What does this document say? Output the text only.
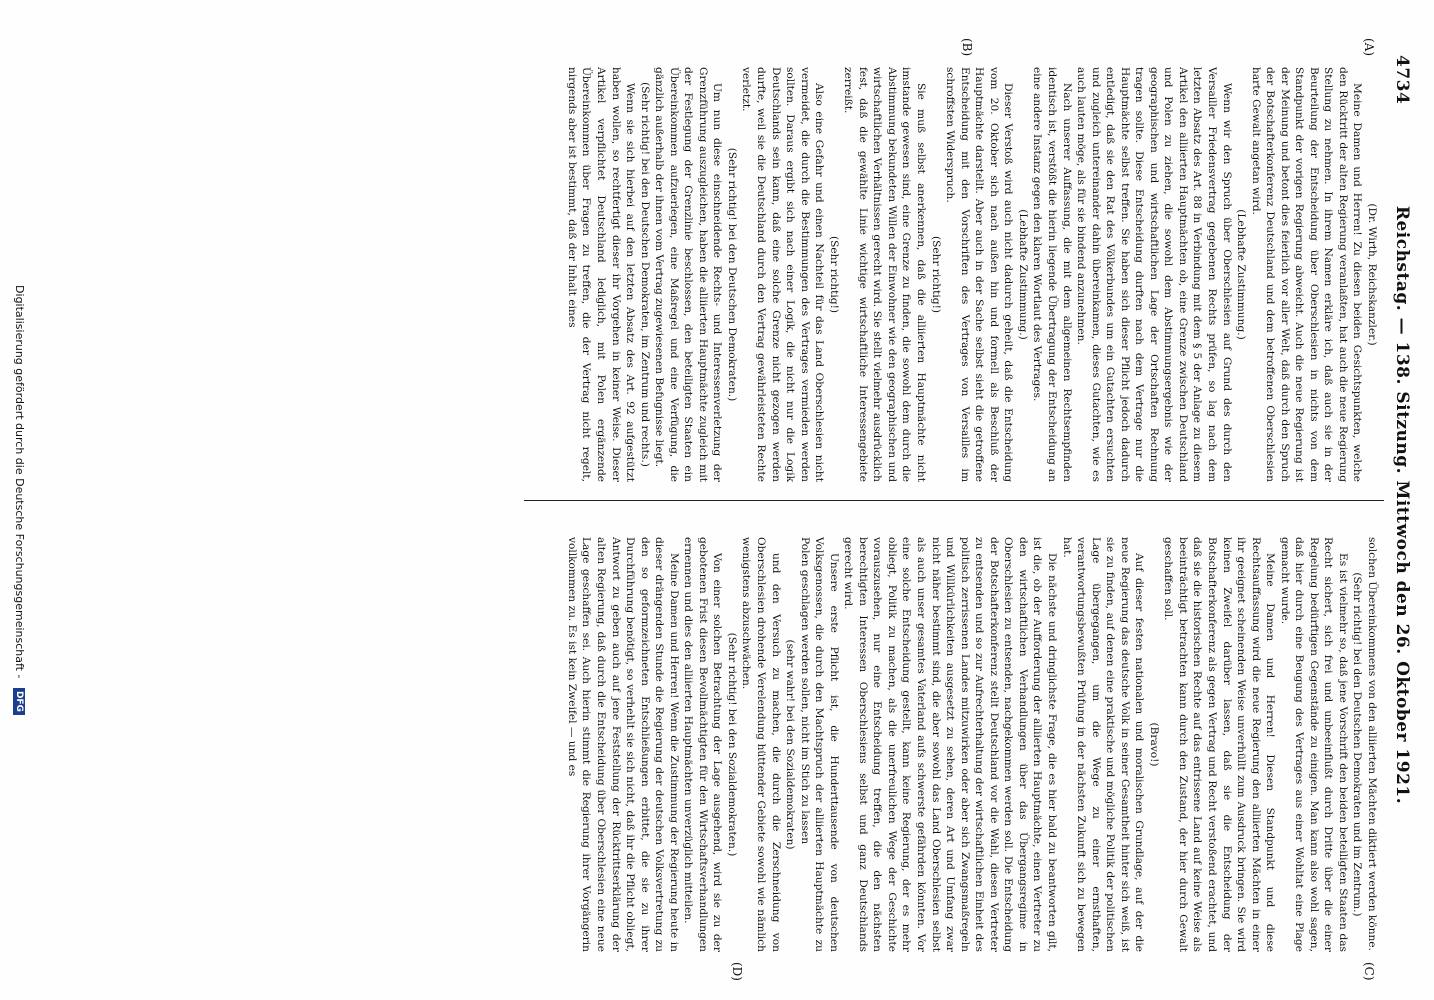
4734
Reichstag. — 138. Sitzung. Mittwoch den 26. Oktober 1921.
(A)
(B)
(C)
(D)

(Dr. Wirth, Reichskanzler.)

Meine Damen und Herren! Zu diesen beiden Gesichtspunkten, welche den Rücktritt der alten Regierung veranlaßten, hat auch die neue Regierung Stellung zu nehmen. In ihrem Namen erkläre ich, daß auch sie in der Beurteilung der Entscheidung über Oberschlesien in nichts von dem Standpunkt der vorigen Regierung abweicht. Auch die neue Regierung ist der Meinung und betont dies feierlich vor aller Welt, daß durch den Spruch der Botschafterkonferenz Deutschland und dem betroffenen Oberschlesien harte Gewalt angetan wird.

(Lebhafte Zustimmung.)

Wenn wir den Spruch über Oberschlesien auf Grund des durch den Versailler Friedensvertrag gegebenen Rechts prüfen, so lag nach dem letzten Absatz des Art. 88 in Verbindung mit dem § 5 der Anlage zu diesem Artikel den alliierten Hauptmächten ob, eine Grenze zwischen Deutschland und Polen zu ziehen, die sowohl dem Abstimmungsergebnis wie der geographischen und wirtschaftlichen Lage der Ortschaften Rechnung tragen sollte. Diese Entscheidung durften nach dem Vertrage nur die Hauptmächte selbst treffen. Sie haben sich dieser Pflicht jedoch dadurch entledigt, daß sie den Rat des Völkerbundes um ein Gutachten ersuchten und zugleich untereinander dahin übereinkamen, dieses Gutachten, wie es auch lauten möge, als für sie bindend anzunehmen.

Nach unserer Auffassung, die mit dem allgemeinen Rechtsempfinden identisch ist, verstößt die hierin liegende Übertragung der Entscheidung an eine andere Instanz gegen den klaren Wortlaut des Vertrages.

(Lebhafte Zustimmung.)

Dieser Verstoß wird auch nicht dadurch geheilt, daß die Entscheidung vom 20. Oktober sich nach außen hin und formell als Beschluß der Hauptmächte darstellt. Aber auch in der Sache selbst sieht die getroffene Entscheidung mit den Vorschriften des Vertrages von Versailles im schroffsten Widerspruch.

(Sehr richtig!)

Sie muß selbst anerkennen, daß die alliierten Hauptmächte nicht imstande gewesen sind, eine Grenze zu finden, die sowohl dem durch die Abstimmung bekundeten Willen der Einwohner wie den geographischen und wirtschaftlichen Verhältnissen gerecht wird. Sie stellt vielmehr ausdrücklich fest, daß die gewählte Linie wichtige wirtschaftliche Interessengebiete zerreißt.

(Sehr richtig!)

Also eine Gefahr und einen Nachteil für das Land Oberschlesien nicht vermeidet, die durch die Bestimmungen des Vertrages vermieden werden sollten. Daraus ergibt sich nach einer Logik, die nicht nur die Logik Deutschlands sein kann, daß eine solche Grenze nicht gezogen werden durfte, weil sie die Deutschland durch den Vertrag gewährleisteten Rechte verletzt.

(Sehr richtig! bei den Deutschen Demokraten.)

Um nun diese einschneidende Rechts- und Interessenverletzung der Grenzführung auszugleichen, haben die alliierten Hauptmächte zugleich mit der Festlegung der Grenzlinie beschlossen, den beteiligten Staaten ein Übereinkommen aufzuerlegen, eine Maßregel und eine Verfügung, die gänzlich außerhalb der ihnen vom Vertrag zugewiesenen Befugnisse liegt.

(Sehr richtig! bei den Deutschen Demokraten, im Zentrum und rechts.)

Wenn sie sich hierbei auf den letzten Absatz des Art. 92 aufgestützt haben wollen, so rechtfertigt dieser ihr Vorgehen in keiner Weise. Dieser Artikel verpflichtet Deutschland lediglich, mit Polen ergänzende Übereinkommen über Fragen zu treffen, die der Vertrag nicht regelt, nirgends aber ist bestimmt, daß der Inhalt eines

solchen Übereinkommens von den alliierten Mächten diktiert werden könne.

(Sehr richtig! bei den Deutschen Demokraten und im Zentrum.)

Es ist vielmehr so, daß jene Vorschrift den beiden beteiligten Staaten das Recht sichert, sich frei und unbeeinflußt durch Dritte über die einer Regelung bedürftigen Gegenstände zu einigen. Man kann also wohl sagen, daß hier durch eine Beugung des Vertrages aus einer Wohltat eine Plage gemacht wurde.

Meine Damen und Herren! Diesen Standpunkt und diese Rechtsauffassung wird die neue Regierung den alliierten Mächten in einer ihr geeignet scheinenden Weise unverhüllt zum Ausdruck bringen. Sie wird keinen Zweifel darüber lassen, daß sie die Entscheidung der Botschafterkonferenz als gegen Vertrag und Recht verstoßend erachtet, und daß sie die historischen Rechte auf das entrissene Land auf keine Weise als beeinträchtigt betrachten kann durch den Zustand, der hier durch Gewalt geschaffen soll.

(Bravo!)

Auf dieser festen nationalen und moralischen Grundlage, auf der die neue Regierung das deutsche Volk in seiner Gesamtheit hinter sich weiß, ist sie zu finden, auf denen eine praktische und mögliche Politik der politischen Lage übergegangen, um die Wege zu einer ernsthaften, verantwortungsbewußten Prüfung in der nächsten Zukunft sich zu bewegen hat.

Die nächste und dringlichste Frage, die es hier bald zu beantworten gilt, ist die, ob der Aufforderung der alliierten Hauptmächte, einen Vertreter zu den wirtschaftlichen Verhandlungen über das Übergangsregime in Oberschlesien zu entsenden, nachgekommen werden soll. Die Entscheidung der Botschafterkonferenz stellt Deutschland vor die Wahl, diesen Vertreter zu entsenden und so zur Aufrechterhaltung der wirtschaftlichen Einheit des politisch zerrissenen Landes mitzuwirken oder aber sich Zwangsmaßregeln und Willkürlichkeiten ausgesetzt zu sehen, deren Art und Umfang zwar nicht näher bestimmt sind, die aber sowohl das Land Oberschlesien selbst als auch unser gesamtes Vaterland aufs schwerste gefährden könnten. Vor eine solche Entscheidung gestellt, kann keine Regierung, der es mehr obliegt, Politik zu machen, als die unerfreulichen Wege der Geschichte vorauszusehen, nur eine Entscheidung treffen, die den nächsten berechtigten Interessen Oberschlesiens selbst und ganz Deutschlands gerecht wird.

Unsere erste Pflicht ist, die Hunderttausende von deutschen Volksgenossen, die durch den Machtspruch der alliierten Hauptmächte zu Polen geschlagen werden sollen, nicht im Stich zu lassen

(sehr wahr! bei den Sozialdemokraten)

und den Versuch zu machen, die durch die Zerschneidung von Oberschlesien drohende Verelendung hüttender Gebiete sowohl wie nämlich wenigstens abzuschwächen.

(Sehr richtig! bei den Sozialdemokraten.)

Von einer solchen Betrachtung der Lage ausgehend, wird sie zu der gebotenen Frist diesen Bevollmächtigten für den Wirtschaftsverhandlungen ernennen und dies den alliierten Hauptmächten unverzüglich mitteilen.

Meine Damen und Herren! Wenn die Zustimmung der Regierung heute in dieser drängenden Stunde die Regierung der deutschen Volksvertretung zu den so geformzeichneten Entschließungen erbittet, die sie zu ihrer Durchführung benötigt, so verhehlt sie sich nicht, daß ihr die Pflicht obliegt, Antwort zu geben auch auf jene Feststellung der Rücktrittserklärung der alten Regierung, daß durch die Entscheidung über Oberschlesien eine neue Lage geschaffen sei. Auch hierin stimmt die Regierung ihrer Vorgängerin vollkommen zu. Es ist kein Zweifel — und es

Digitalisierung gefördert durch die Deutsche Forschungsgemeinschaft - DFG
